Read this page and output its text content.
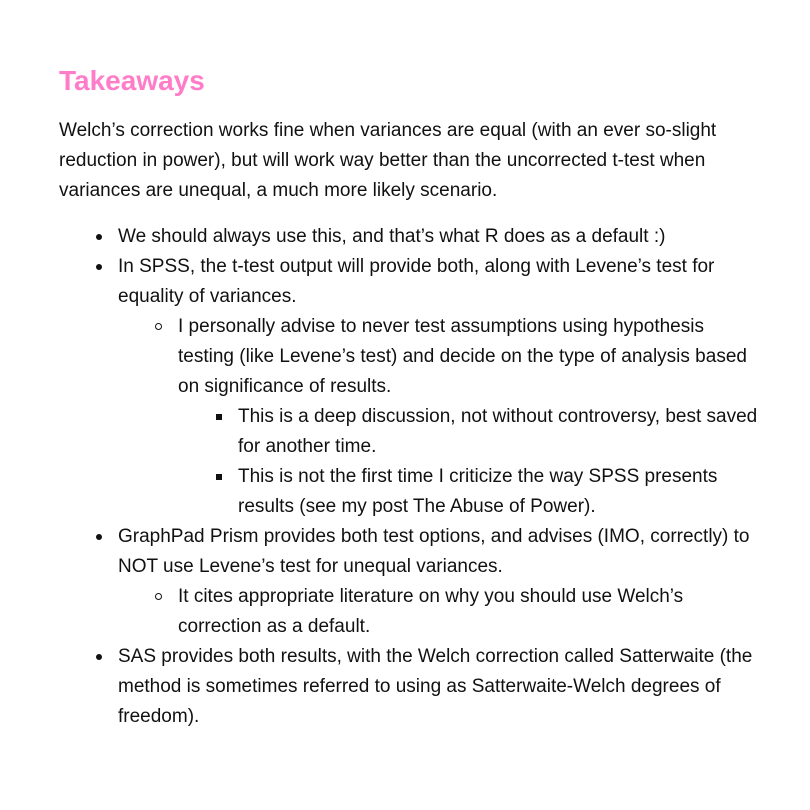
Takeaways

Welch’s correction works fine when variances are equal (with an ever so-slight reduction in power), but will work way better than the uncorrected t-test when variances are unequal, a much more likely scenario.

We should always use this, and that’s what R does as a default :)
In SPSS, the t-test output will provide both, along with Levene’s test for equality of variances.
I personally advise to never test assumptions using hypothesis testing (like Levene’s test) and decide on the type of analysis based on significance of results.
This is a deep discussion, not without controversy, best saved for another time.
This is not the first time I criticize the way SPSS presents results (see my post The Abuse of Power).
GraphPad Prism provides both test options, and advises (IMO, correctly) to NOT use Levene’s test for unequal variances.
It cites appropriate literature on why you should use Welch’s correction as a default.
SAS provides both results, with the Welch correction called Satterwaite (the method is sometimes referred to using as Satterwaite-Welch degrees of freedom).
